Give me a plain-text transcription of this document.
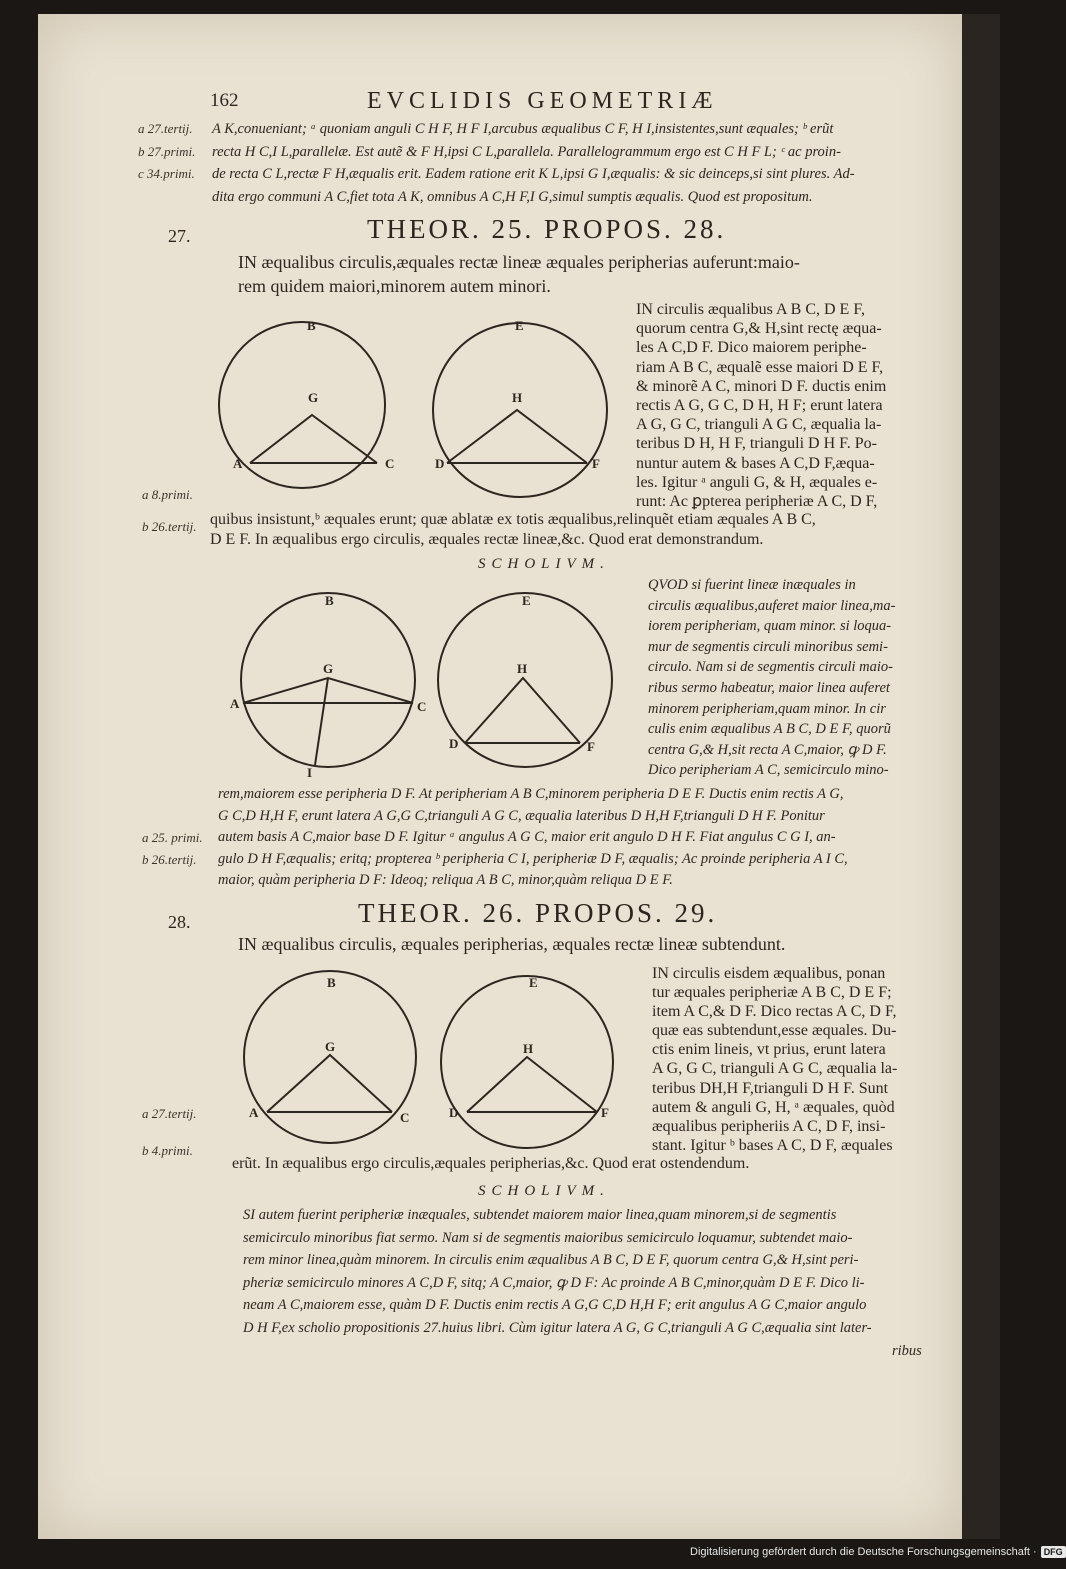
162	EVCLIDIS GEOMETRIÆ
a 27.tertij.
b 27.primi.
c 34.primi.
A K,conueniant; ᵃ quoniam anguli C H F, H F I,arcubus æqualibus C F, H I,insistentes,sunt æquales; ᵇ erũt
recta H C,I L,parallelæ. Est autẽ & F H,ipsi C L,parallela. Parallelogrammum ergo est C H F L; ᶜ ac proin-
de recta C L,rectæ F H,æqualis erit. Eadem ratione erit K L,ipsi G I,æqualis: & sic deinceps,si sint plures. Ad-
dita ergo communi A C,fiet tota A K, omnibus A C,H F,I G,simul sumptis æqualis. Quod est propositum.
27.	THEOR. 25. PROPOS. 28.
IN æqualibus circulis,æquales rectæ lineæ æquales peripherias auferunt:maio-
rem quidem maiori,minorem autem minori.
B
G
A	C
E
H
D	F
IN circulis æqualibus A B C, D E F,
quorum centra G,& H,sint rectę æqua-
les A C,D F. Dico maiorem periphe-
riam A B C, æqualẽ esse maiori D E F,
& minorẽ A C, minori D F. ductis enim
rectis A G, G C, D H, H F; erunt latera
A G, G C, trianguli A G C, æqualia la-
teribus D H, H F, trianguli D H F. Po-
nuntur autem & bases A C,D F,æqua-
les. Igitur ᵃ anguli G, & H, æquales e-
runt: Ac ꝑpterea peripheriæ A C, D F,
a 8.primi.
b 26.tertij. quibus insistunt,ᵇ æquales erunt; quæ ablatæ ex totis æqualibus,relinquẽt etiam æquales A B C,
D E F. In æqualibus ergo circulis, æquales rectæ lineæ,&c. Quod erat demonstrandum.
SCHOLIVM.
B
G
A	C
I
E
H
D	F
QVOD si fuerint lineæ inæquales in
circulis æqualibus,auferet maior linea,ma-
iorem peripheriam, quam minor. si loqua-
mur de segmentis circuli minoribus semi-
circulo. Nam si de segmentis circuli maio-
ribus sermo habeatur, maior linea auferet
minorem peripheriam,quam minor. In cir
culis enim æqualibus A B C, D E F, quorũ
centra G,& H,sit recta A C,maior, ꝙ D F.
Dico peripheriam A C, semicirculo mino-
rem,maiorem esse peripheria D F. At peripheriam A B C,minorem peripheria D E F. Ductis enim rectis A G,
G C,D H,H F, erunt latera A G,G C,trianguli A G C, æqualia lateribus D H,H F,trianguli D H F. Ponitur
autem basis A C,maior base D F. Igitur ᵃ angulus A G C, maior erit angulo D H F. Fiat angulus C G I, an-
gulo D H F,æqualis; eritq; propterea ᵇ peripheria C I, peripheriæ D F, æqualis; Ac proinde peripheria A I C,
maior, quàm peripheria D F: Ideoq; reliqua A B C, minor,quàm reliqua D E F.
a 25. primi.
b 26.tertij.
28.	THEOR. 26. PROPOS. 29.
IN æqualibus circulis, æquales peripherias, æquales rectæ lineæ subtendunt.
B
G
A	C
E
H
D	F
IN circulis eisdem æqualibus, ponan
tur æquales peripheriæ A B C, D E F;
item A C,& D F. Dico rectas A C, D F,
quæ eas subtendunt,esse æquales. Du-
ctis enim lineis, vt prius, erunt latera
A G, G C, trianguli A G C, æqualia la-
teribus DH,H F,trianguli D H F. Sunt
autem & anguli G, H, ᵃ æquales, quòd
æqualibus peripheriis A C, D F, insi-
stant. Igitur ᵇ bases A C, D F, æquales
a 27.tertij.
b 4.primi.
erũt. In æqualibus ergo circulis,æquales peripherias,&c. Quod erat ostendendum.
SCHOLIVM.
SI autem fuerint peripheriæ inæquales, subtendet maiorem maior linea,quam minorem,si de segmentis
semicirculo minoribus fiat sermo. Nam si de segmentis maioribus semicirculo loquamur, subtendet maio-
rem minor linea,quàm minorem. In circulis enim æqualibus A B C, D E F, quorum centra G,& H,sint peri-
pheriæ semicirculo minores A C,D F, sitq; A C,maior, ꝙ D F: Ac proinde A B C,minor,quàm D E F. Dico li-
neam A C,maiorem esse, quàm D F. Ductis enim rectis A G,G C,D H,H F; erit angulus A G C,maior angulo
D H F,ex scholio propositionis 27.huius libri. Cùm igitur latera A G, G C,trianguli A G C,æqualia sint later-
ribus
Digitalisierung gefördert durch die Deutsche Forschungsgemeinschaft · DFG
